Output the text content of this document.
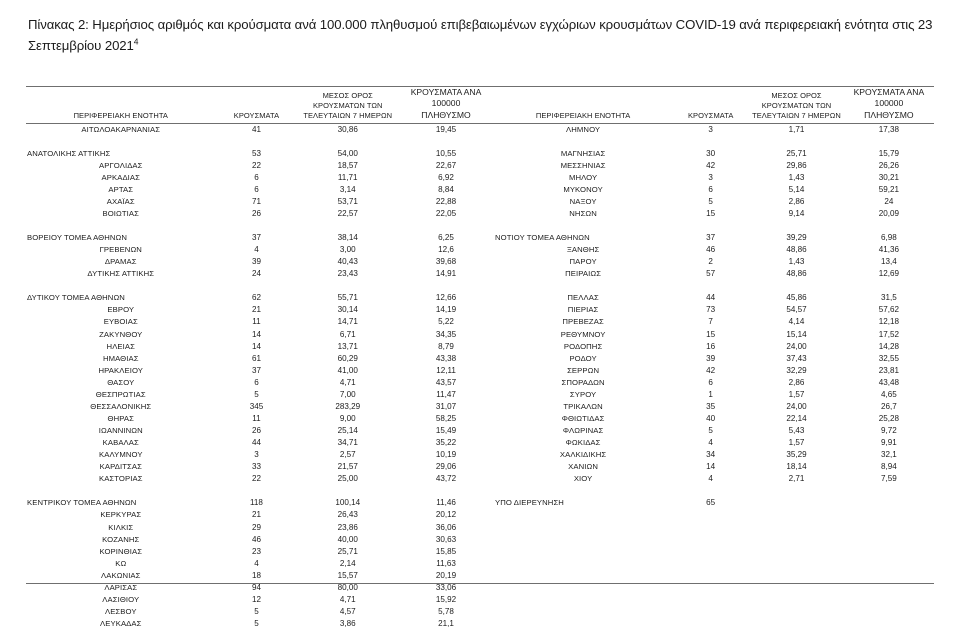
Πίνακας 2: Ημερήσιος αριθμός και κρούσματα ανά 100.000 πληθυσμού επιβεβαιωμένων εγχώριων κρουσμάτων COVID-19 ανά περιφερειακή ενότητα στις 23 Σεπτεμβρίου 2021$^4$
ΠΕΡΙΦΕΡΕΙΑΚΗ ΕΝΟΤΗΤΑ	ΚΡΟΥΣΜΑΤΑ	ΜΕΣΟΣ ΟΡΟΣ ΚΡΟΥΣΜΑΤΩΝ ΤΩΝ
ΤΕΛΕΥΤΑΙΩΝ 7 ΗΜΕΡΩΝ	ΚΡΟΥΣΜΑΤΑ ΑΝΑ 100000
ΠΛΗΘΥΣΜΟ

ΑΙΤΩΛΟΑΚΑΡΝΑΝΙΑΣ	41	30,86	19,45

ΑΝΑΤΟΛΙΚΗΣ ΑΤΤΙΚΗΣ	53	54,00	10,55
ΑΡΓΟΛΙΔΑΣ	22	18,57	22,67
ΑΡΚΑΔΙΑΣ	6	11,71	6,92
ΑΡΤΑΣ	6	3,14	8,84
ΑΧΑΪΑΣ	71	53,71	22,88
ΒΟΙΩΤΙΑΣ	26	22,57	22,05

ΒΟΡΕΙΟΥ ΤΟΜΕΑ ΑΘΗΝΩΝ	37	38,14	6,25
ΓΡΕΒΕΝΩΝ	4	3,00	12,6
ΔΡΑΜΑΣ	39	40,43	39,68
ΔΥΤΙΚΗΣ ΑΤΤΙΚΗΣ	24	23,43	14,91

ΔΥΤΙΚΟΥ ΤΟΜΕΑ ΑΘΗΝΩΝ	62	55,71	12,66
ΕΒΡΟΥ	21	30,14	14,19
ΕΥΒΟΙΑΣ	11	14,71	5,22
ΖΑΚΥΝΘΟΥ	14	6,71	34,35
ΗΛΕΙΑΣ	14	13,71	8,79
ΗΜΑΘΙΑΣ	61	60,29	43,38
ΗΡΑΚΛΕΙΟΥ	37	41,00	12,11
ΘΑΣΟΥ	6	4,71	43,57
ΘΕΣΠΡΩΤΙΑΣ	5	7,00	11,47
ΘΕΣΣΑΛΟΝΙΚΗΣ	345	283,29	31,07
ΘΗΡΑΣ	11	9,00	58,25
ΙΩΑΝΝΙΝΩΝ	26	25,14	15,49
ΚΑΒΑΛΑΣ	44	34,71	35,22
ΚΑΛΥΜΝΟΥ	3	2,57	10,19
ΚΑΡΔΙΤΣΑΣ	33	21,57	29,06
ΚΑΣΤΟΡΙΑΣ	22	25,00	43,72

ΚΕΝΤΡΙΚΟΥ ΤΟΜΕΑ ΑΘΗΝΩΝ	118	100,14	11,46
ΚΕΡΚΥΡΑΣ	21	26,43	20,12
ΚΙΛΚΙΣ	29	23,86	36,06
ΚΟΖΑΝΗΣ	46	40,00	30,63
ΚΟΡΙΝΘΙΑΣ	23	25,71	15,85
ΚΩ	4	2,14	11,63
ΛΑΚΩΝΙΑΣ	18	15,57	20,19
ΛΑΡΙΣΑΣ	94	80,00	33,06
ΛΑΣΙΘΙΟΥ	12	4,71	15,92
ΛΕΣΒΟΥ	5	4,57	5,78
ΛΕΥΚΑΔΑΣ	5	3,86	21,1
ΠΕΡΙΦΕΡΕΙΑΚΗ ΕΝΟΤΗΤΑ	ΚΡΟΥΣΜΑΤΑ	ΜΕΣΟΣ ΟΡΟΣ ΚΡΟΥΣΜΑΤΩΝ ΤΩΝ
ΤΕΛΕΥΤΑΙΩΝ 7 ΗΜΕΡΩΝ	ΚΡΟΥΣΜΑΤΑ ΑΝΑ 100000
ΠΛΗΘΥΣΜΟ

ΛΗΜΝΟΥ	3	1,71	17,38

ΜΑΓΝΗΣΙΑΣ	30	25,71	15,79
ΜΕΣΣΗΝΙΑΣ	42	29,86	26,26
ΜΗΛΟΥ	3	1,43	30,21
ΜΥΚΟΝΟΥ	6	5,14	59,21
ΝΑΞΟΥ	5	2,86	24
ΝΗΣΩΝ	15	9,14	20,09

ΝΟΤΙΟΥ ΤΟΜΕΑ ΑΘΗΝΩΝ	37	39,29	6,98
ΞΑΝΘΗΣ	46	48,86	41,36
ΠΑΡΟΥ	2	1,43	13,4
ΠΕΙΡΑΙΩΣ	57	48,86	12,69

ΠΕΛΛΑΣ	44	45,86	31,5
ΠΙΕΡΙΑΣ	73	54,57	57,62
ΠΡΕΒΕΖΑΣ	7	4,14	12,18
ΡΕΘΥΜΝΟΥ	15	15,14	17,52
ΡΟΔΟΠΗΣ	16	24,00	14,28
ΡΟΔΟΥ	39	37,43	32,55
ΣΕΡΡΩΝ	42	32,29	23,81
ΣΠΟΡΑΔΩΝ	6	2,86	43,48
ΣΥΡΟΥ	1	1,57	4,65
ΤΡΙΚΑΛΩΝ	35	24,00	26,7
ΦΘΙΩΤΙΔΑΣ	40	22,14	25,28
ΦΛΩΡΙΝΑΣ	5	5,43	9,72
ΦΩΚΙΔΑΣ	4	1,57	9,91
ΧΑΛΚΙΔΙΚΗΣ	34	35,29	32,1
ΧΑΝΙΩΝ	14	18,14	8,94
ΧΙΟΥ	4	2,71	7,59

ΥΠΟ ΔΙΕΡΕΥΝΗΣΗ	65		
